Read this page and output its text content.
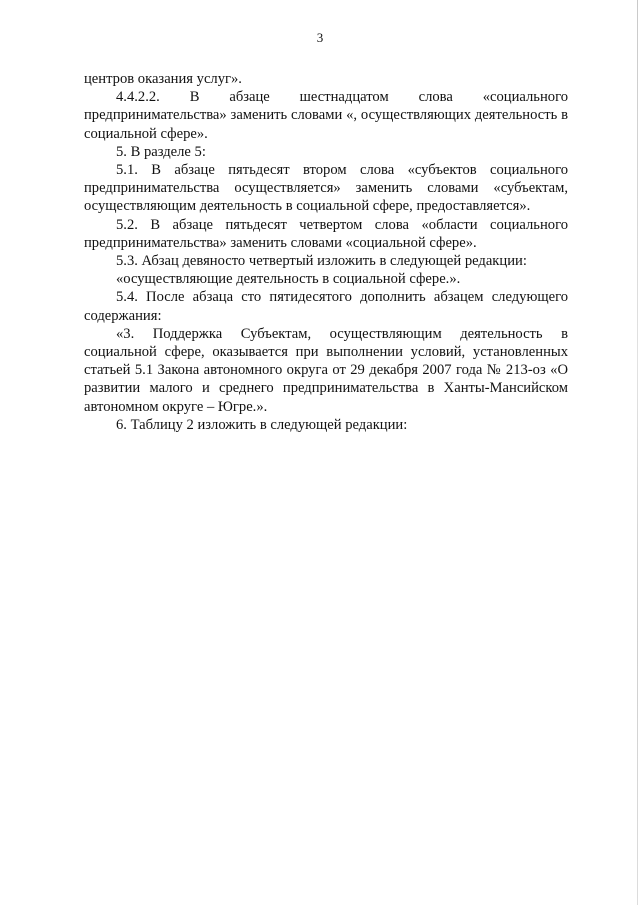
3

центров оказания услуг».

4.4.2.2. В абзаце шестнадцатом слова «социального предпринимательства» заменить словами «, осуществляющих деятельность в социальной сфере».

5. В разделе 5:

5.1. В абзаце пятьдесят втором слова «субъектов социального предпринимательства осуществляется» заменить словами «субъектам, осуществляющим деятельность в социальной сфере, предоставляется».

5.2. В абзаце пятьдесят четвертом слова «области социального предпринимательства» заменить словами «социальной сфере».

5.3. Абзац девяносто четвертый изложить в следующей редакции:

«осуществляющие деятельность в социальной сфере.».

5.4. После абзаца сто пятидесятого дополнить абзацем следующего содержания:

«3. Поддержка Субъектам, осуществляющим деятельность в социальной сфере, оказывается при выполнении условий, установленных статьей 5.1 Закона автономного округа от 29 декабря 2007 года № 213-оз «О развитии малого и среднего предпринимательства в Ханты-Мансийском автономном округе – Югре.».

6. Таблицу 2 изложить в следующей редакции:
